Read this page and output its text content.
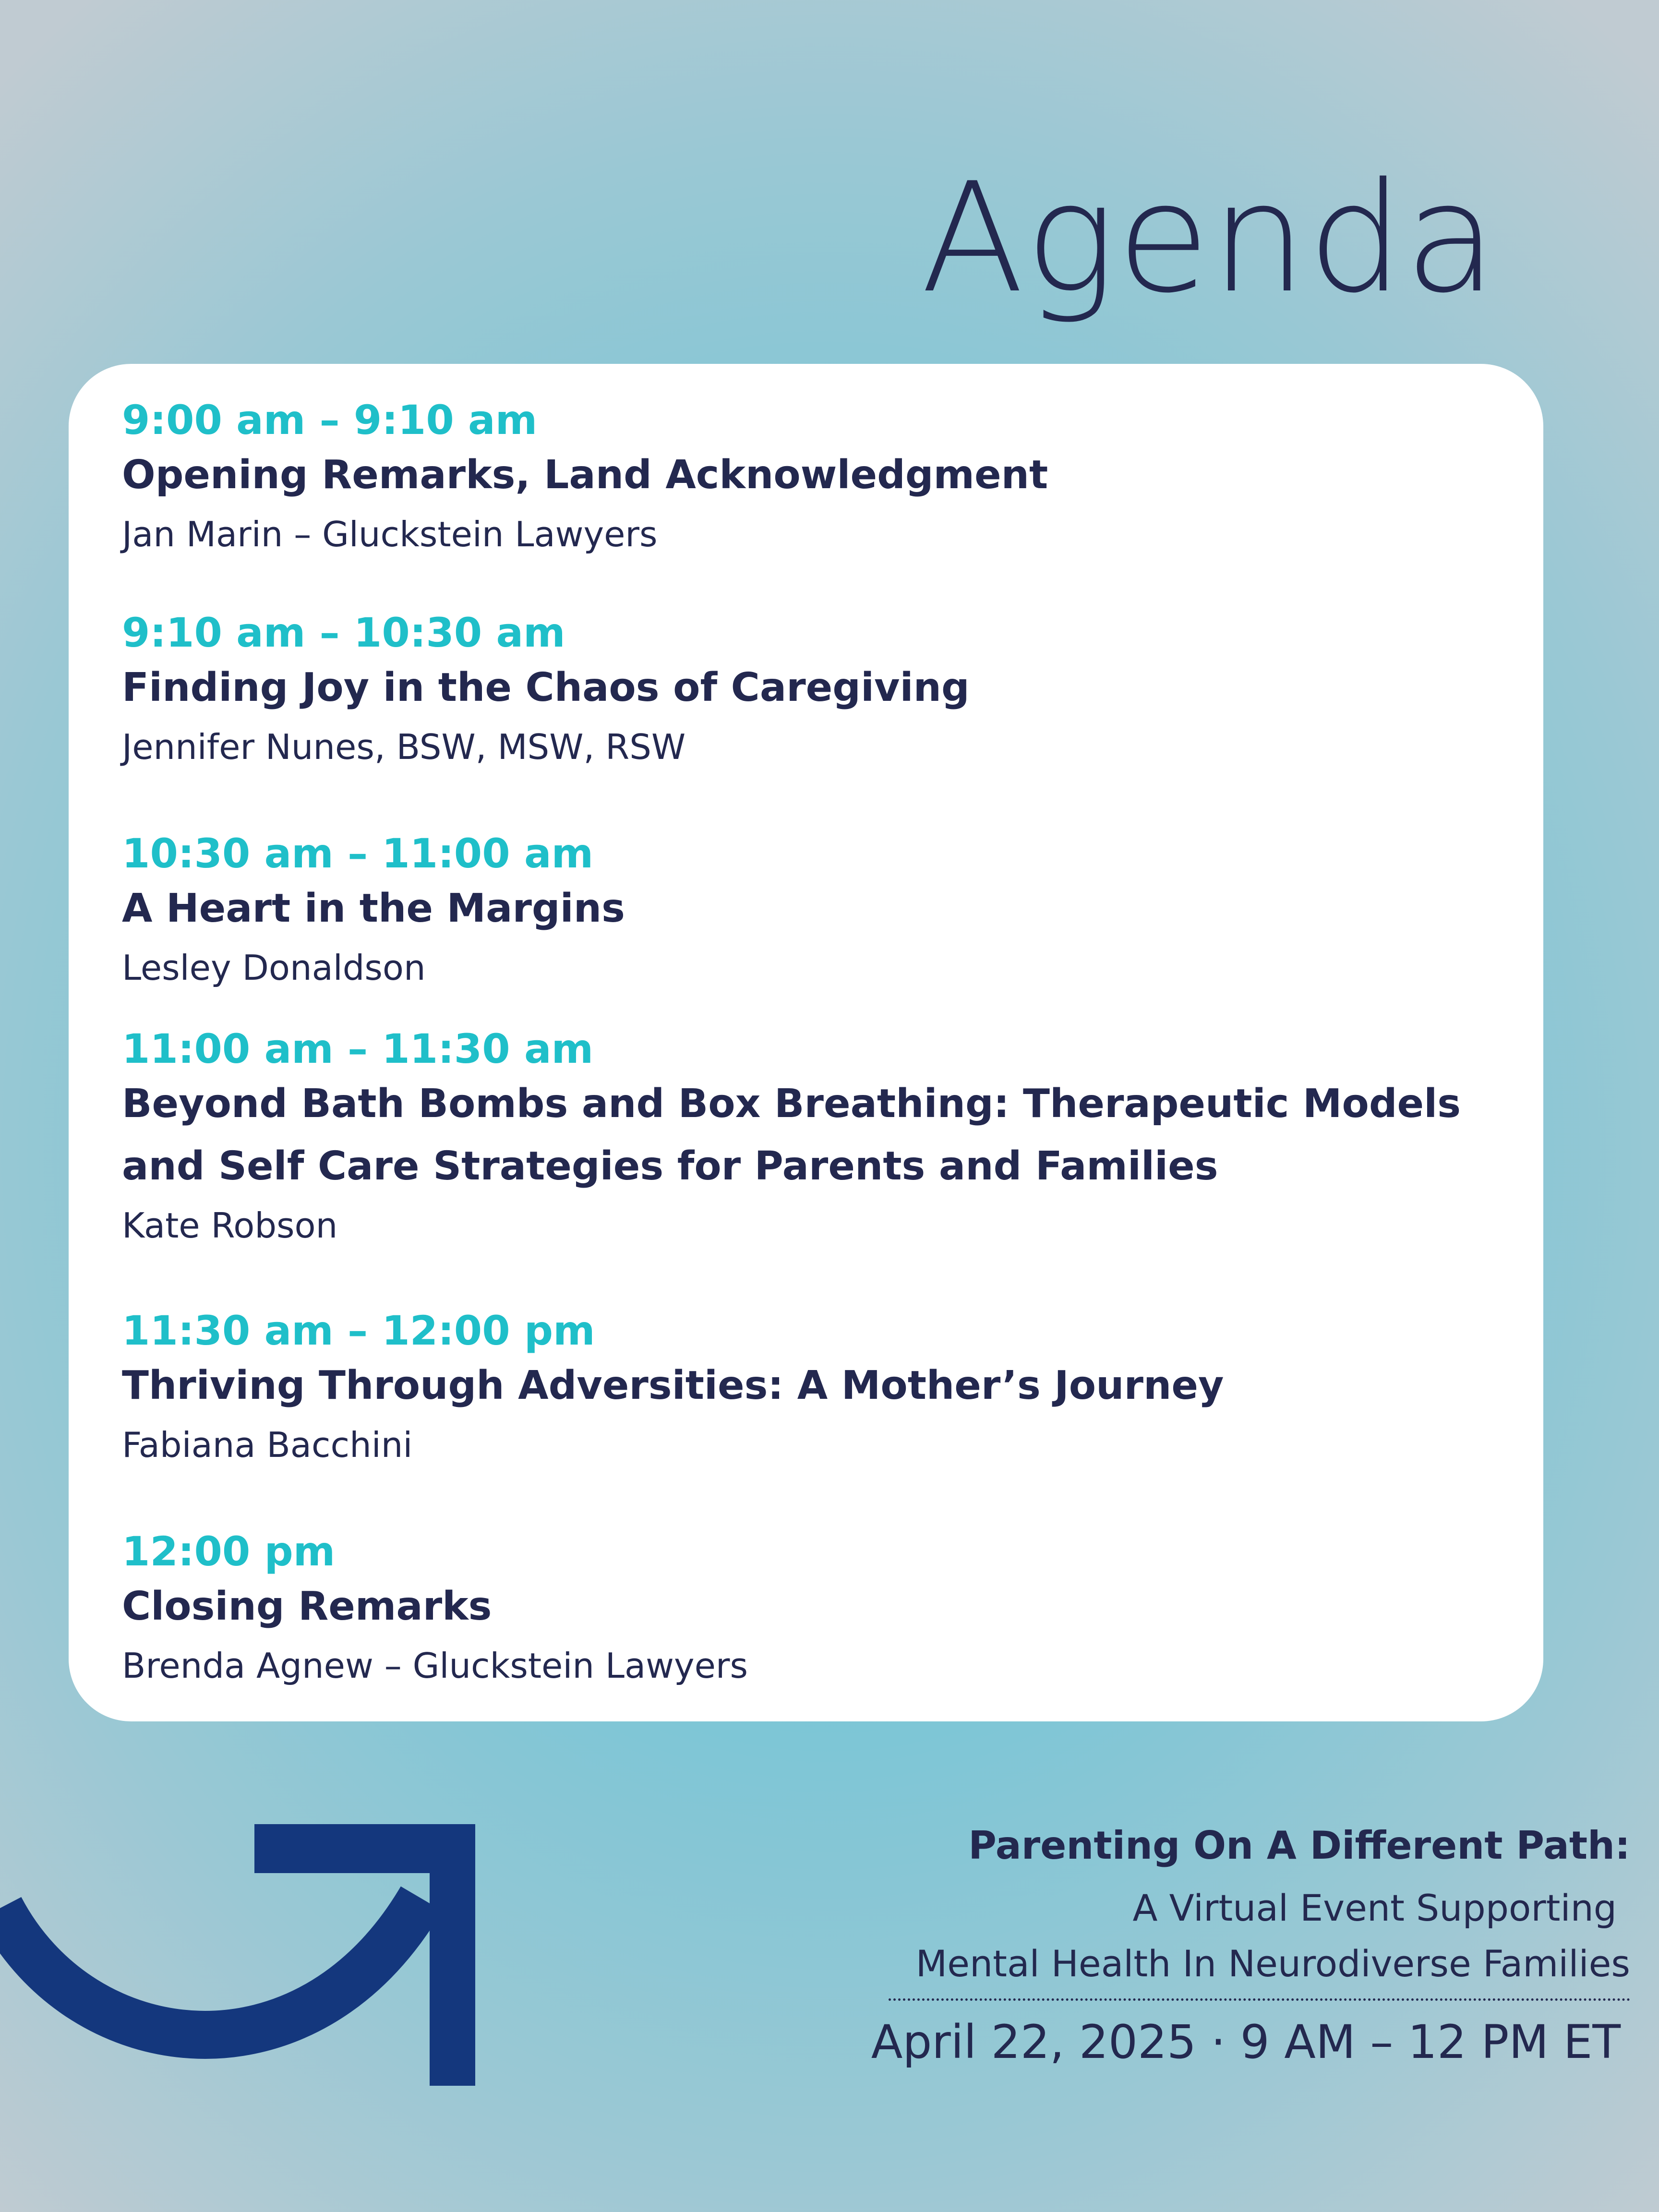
Agenda
9:00 am – 9:10 am
Opening Remarks, Land Acknowledgment
Jan Marin – Gluckstein Lawyers
9:10 am – 10:30 am
Finding Joy in the Chaos of Caregiving
Jennifer Nunes, BSW, MSW, RSW
10:30 am – 11:00 am
A Heart in the Margins
Lesley Donaldson
11:00 am – 11:30 am
Beyond Bath Bombs and Box Breathing: Therapeutic Models and Self Care Strategies for Parents and Families
Kate Robson
11:30 am – 12:00 pm
Thriving Through Adversities: A Mother’s Journey
Fabiana Bacchini
12:00 pm
Closing Remarks
Brenda Agnew – Gluckstein Lawyers
Parenting On A Different Path:
A Virtual Event Supporting
Mental Health In Neurodiverse Families
April 22, 2025 · 9 AM – 12 PM ET
